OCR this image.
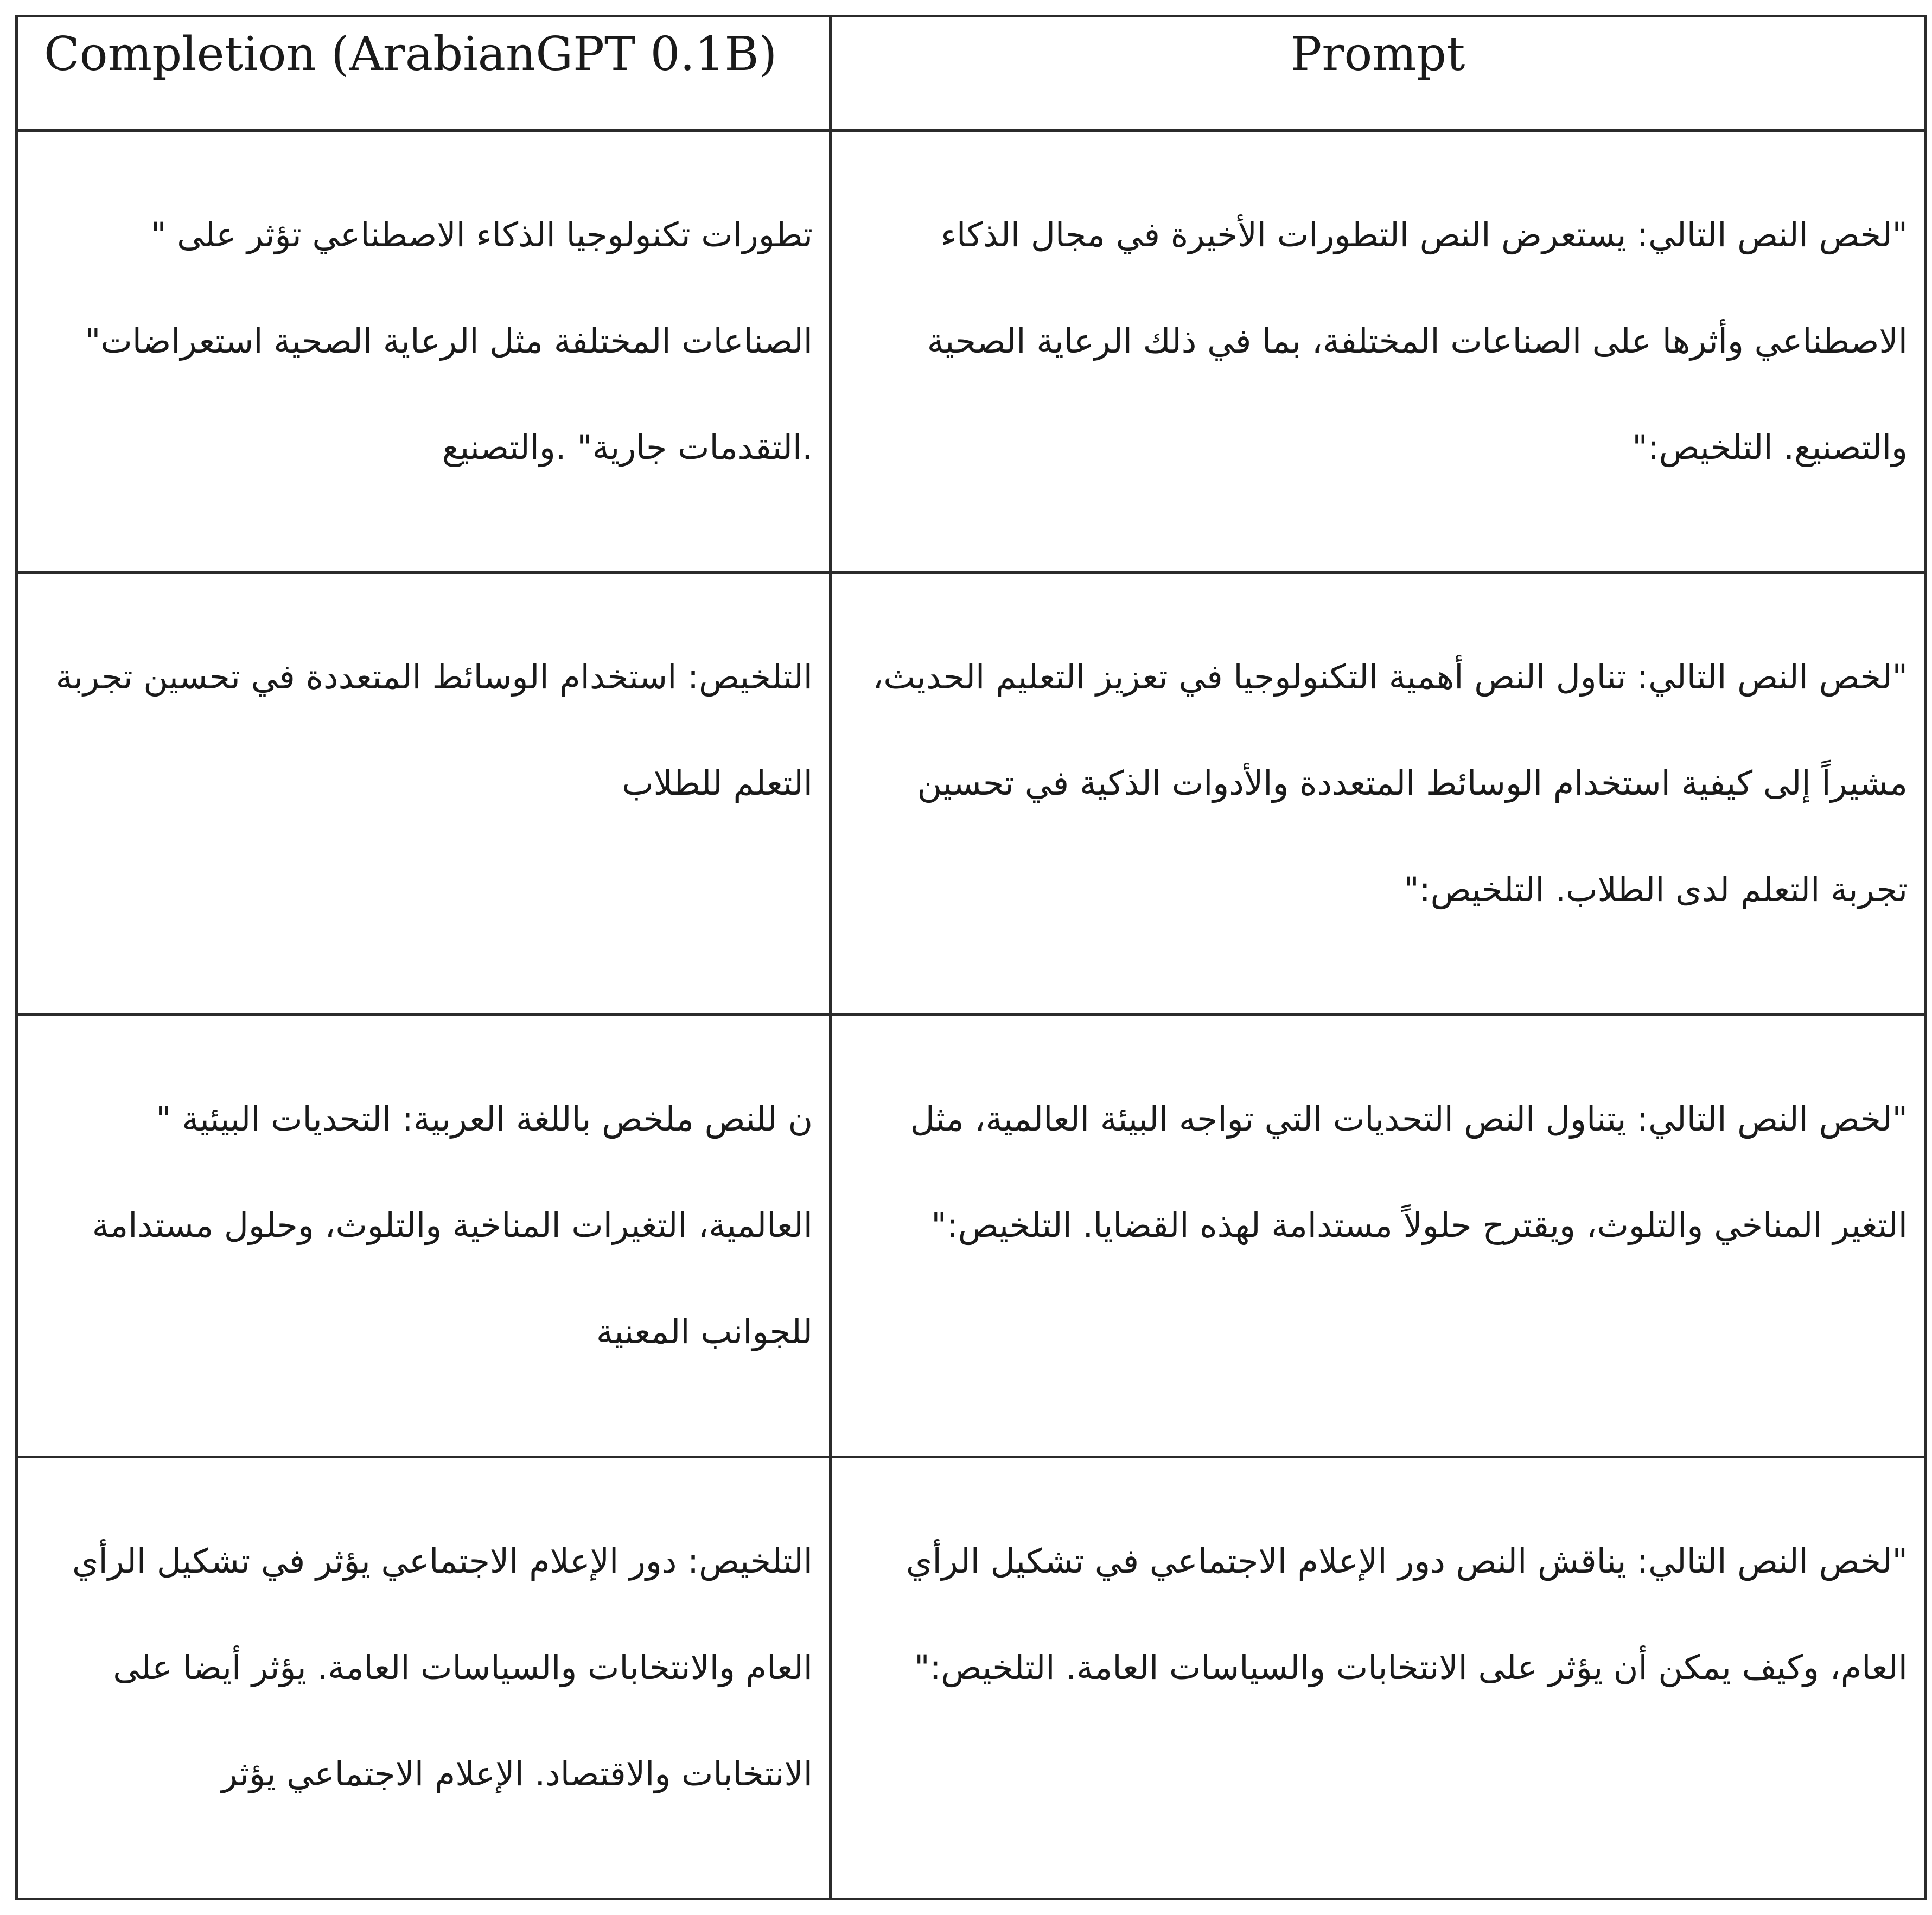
Completion (ArabianGPT 0.1B)	Prompt

تطورات تكنولوجيا الذكاء الاصطناعي تؤثر على " الصناعات المختلفة مثل الرعاية الصحية استعراضات" .التقدمات جارية" .والتصنيع	"لخص النص التالي: يستعرض النص التطورات الأخيرة في مجال الذكاء الاصطناعي وأثرها على الصناعات المختلفة، بما في ذلك الرعاية الصحية والتصنيع. التلخيص:"

التلخيص: استخدام الوسائط المتعددة في تحسين تجربة التعلم للطلاب	"لخص النص التالي: تناول النص أهمية التكنولوجيا في تعزيز التعليم الحديث، مشيراً إلى كيفية استخدام الوسائط المتعددة والأدوات الذكية في تحسين تجربة التعلم لدى الطلاب. التلخيص:"

ن للنص ملخص باللغة العربية: التحديات البيئية " العالمية، التغيرات المناخية والتلوث، وحلول مستدامة للجوانب المعنية	"لخص النص التالي: يتناول النص التحديات التي تواجه البيئة العالمية، مثل التغير المناخي والتلوث، ويقترح حلولاً مستدامة لهذه القضايا. التلخيص:"

التلخيص: دور الإعلام الاجتماعي يؤثر في تشكيل الرأي العام والانتخابات والسياسات العامة. يؤثر أيضا على الانتخابات والاقتصاد. الإعلام الاجتماعي يؤثر	"لخص النص التالي: يناقش النص دور الإعلام الاجتماعي في تشكيل الرأي العام، وكيف يمكن أن يؤثر على الانتخابات والسياسات العامة. التلخيص:"
